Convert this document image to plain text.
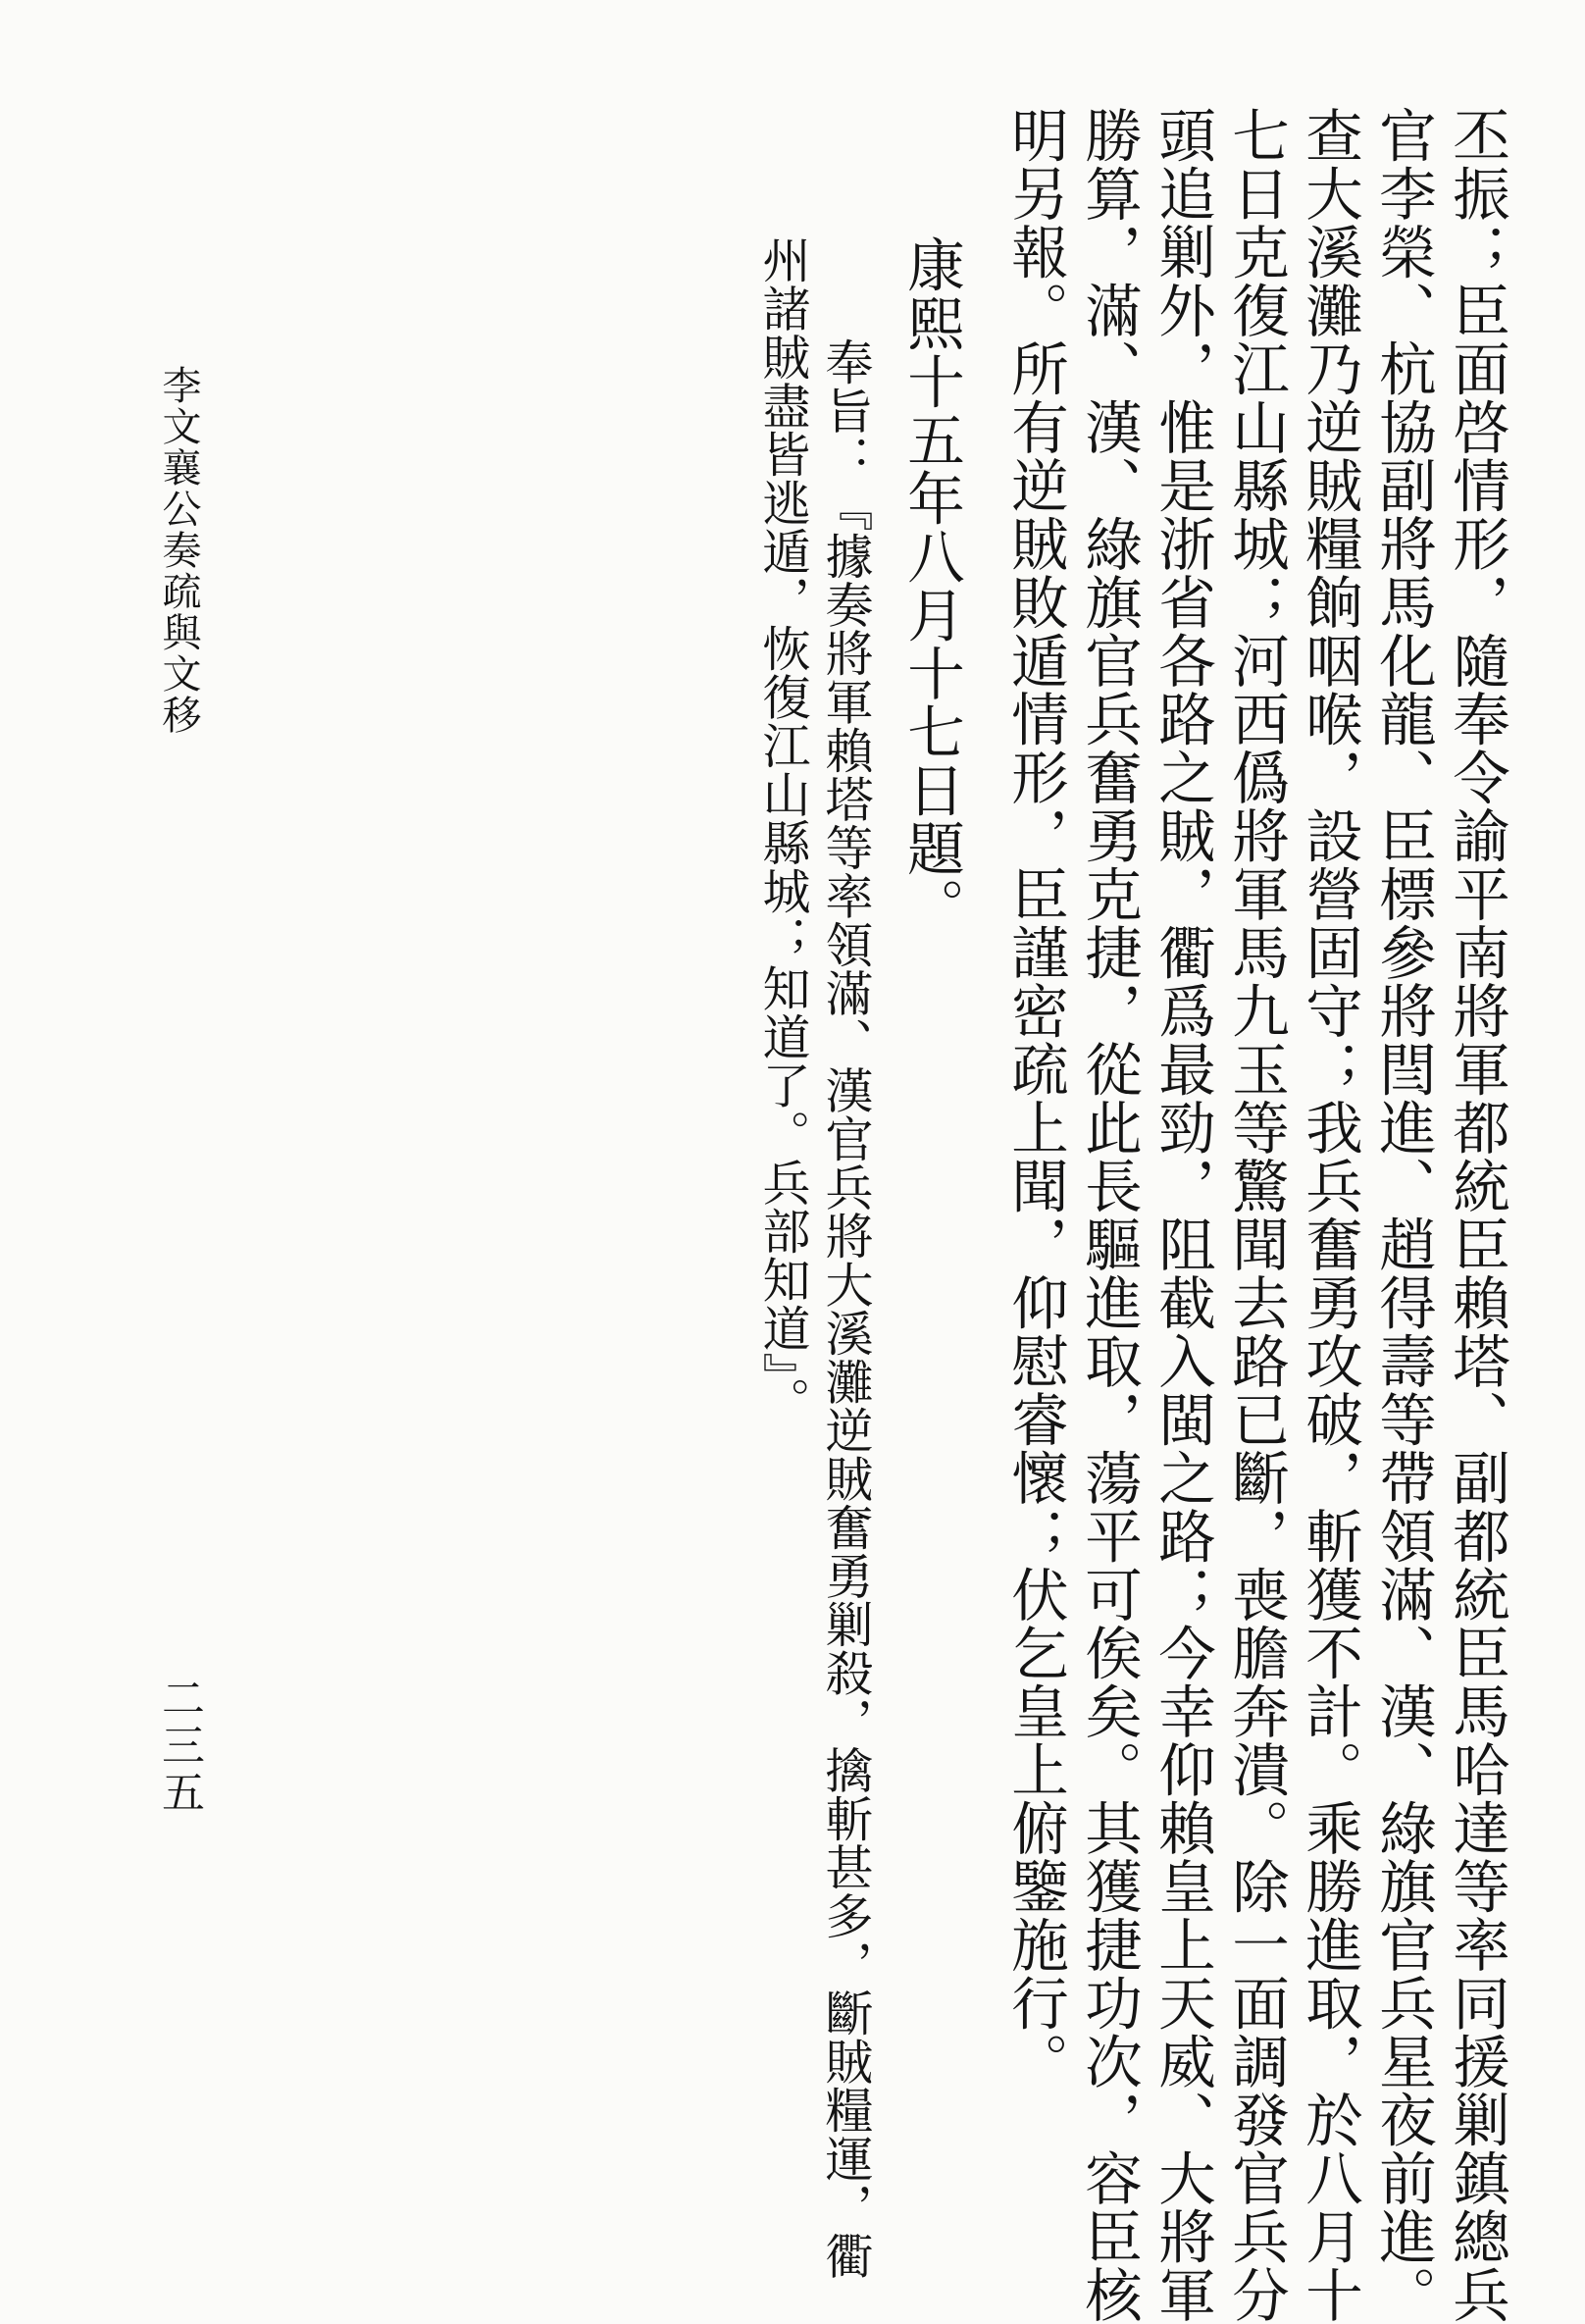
丕振；臣面啓情形，隨奉令諭平南將軍都統臣賴塔、副都統臣馬哈達等率同援剿鎮總兵
官李榮、杭協副將馬化龍、臣標參將閆進、趙得壽等帶領滿、漢、綠旗官兵星夜前進。
查大溪灘乃逆賊糧餉咽喉，設營固守；我兵奮勇攻破，斬獲不計。乘勝進取，於八月十
七日克復江山縣城；河西僞將軍馬九玉等驚聞去路已斷，喪膽奔潰。除一面調發官兵分
頭追剿外，惟是浙省各路之賊，衢爲最勁，阻截入閩之路；今幸仰賴皇上天威、大將軍
勝算，滿、漢、綠旗官兵奮勇克捷，從此長驅進取，蕩平可俟矣。其獲捷功次，容臣核
明另報。所有逆賊敗遁情形，臣謹密疏上聞，仰慰睿懷；伏乞皇上俯鑒施行。
康熙十五年八月十七日題。
奉旨：『據奏將軍賴塔等率領滿、漢官兵將大溪灘逆賊奮勇剿殺，擒斬甚多，斷賊糧運，衢
州諸賊盡皆逃遁，恢復江山縣城；知道了。兵部知道』。
李文襄公奏疏與文移
二三五
